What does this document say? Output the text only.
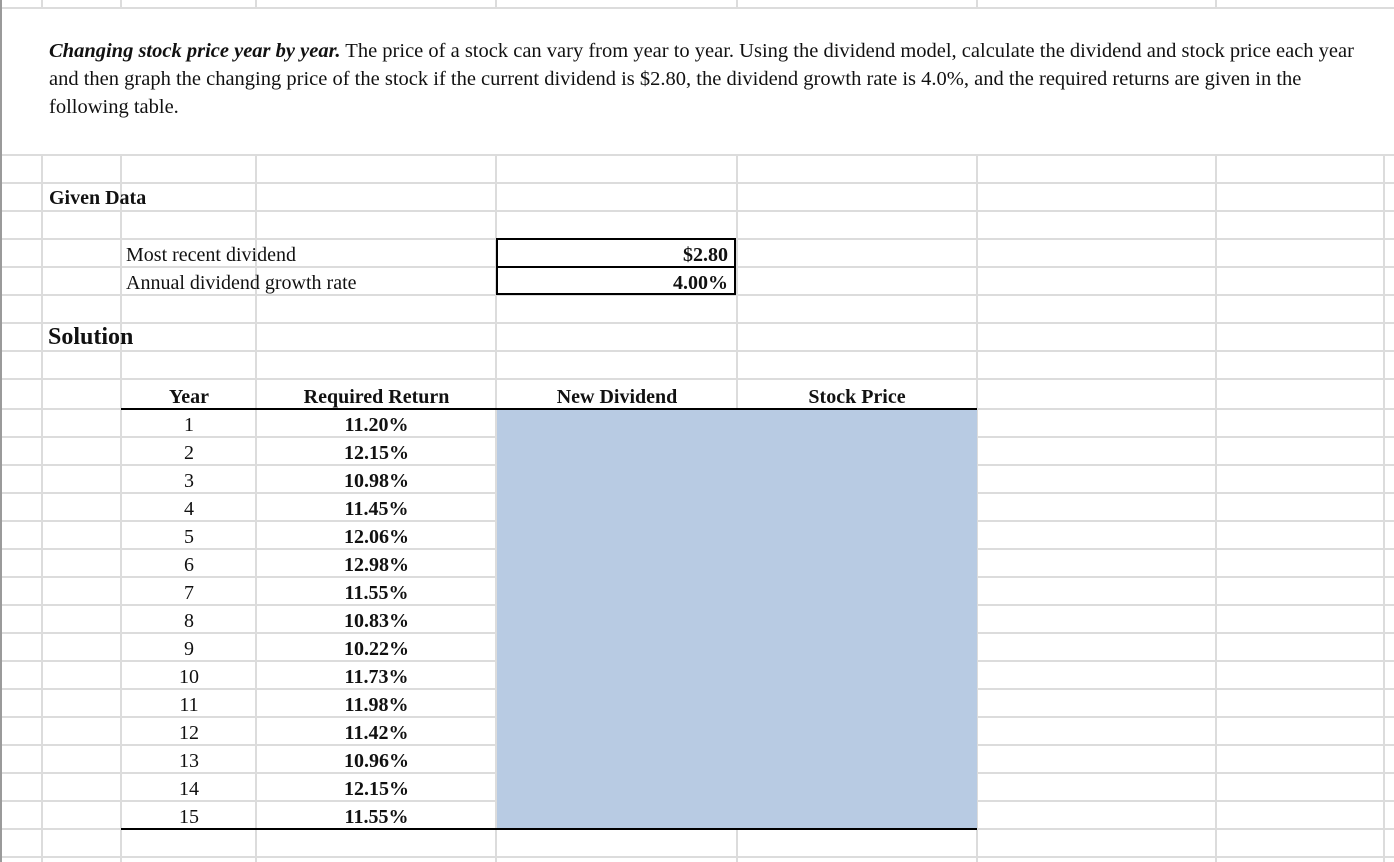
Changing stock price year by year. The price of a stock can vary from year to year. Using the dividend model, calculate the dividend and stock price each year and then graph the changing price of the stock if the current dividend is $2.80, the dividend growth rate is 4.0%, and the required returns are given in the following table.
Given Data
Most recent dividend	$2.80
Annual dividend growth rate	4.00%
Solution
Year	Required Return	New Dividend	Stock Price
1	11.20%
2	12.15%
3	10.98%
4	11.45%
5	12.06%
6	12.98%
7	11.55%
8	10.83%
9	10.22%
10	11.73%
11	11.98%
12	11.42%
13	10.96%
14	12.15%
15	11.55%
